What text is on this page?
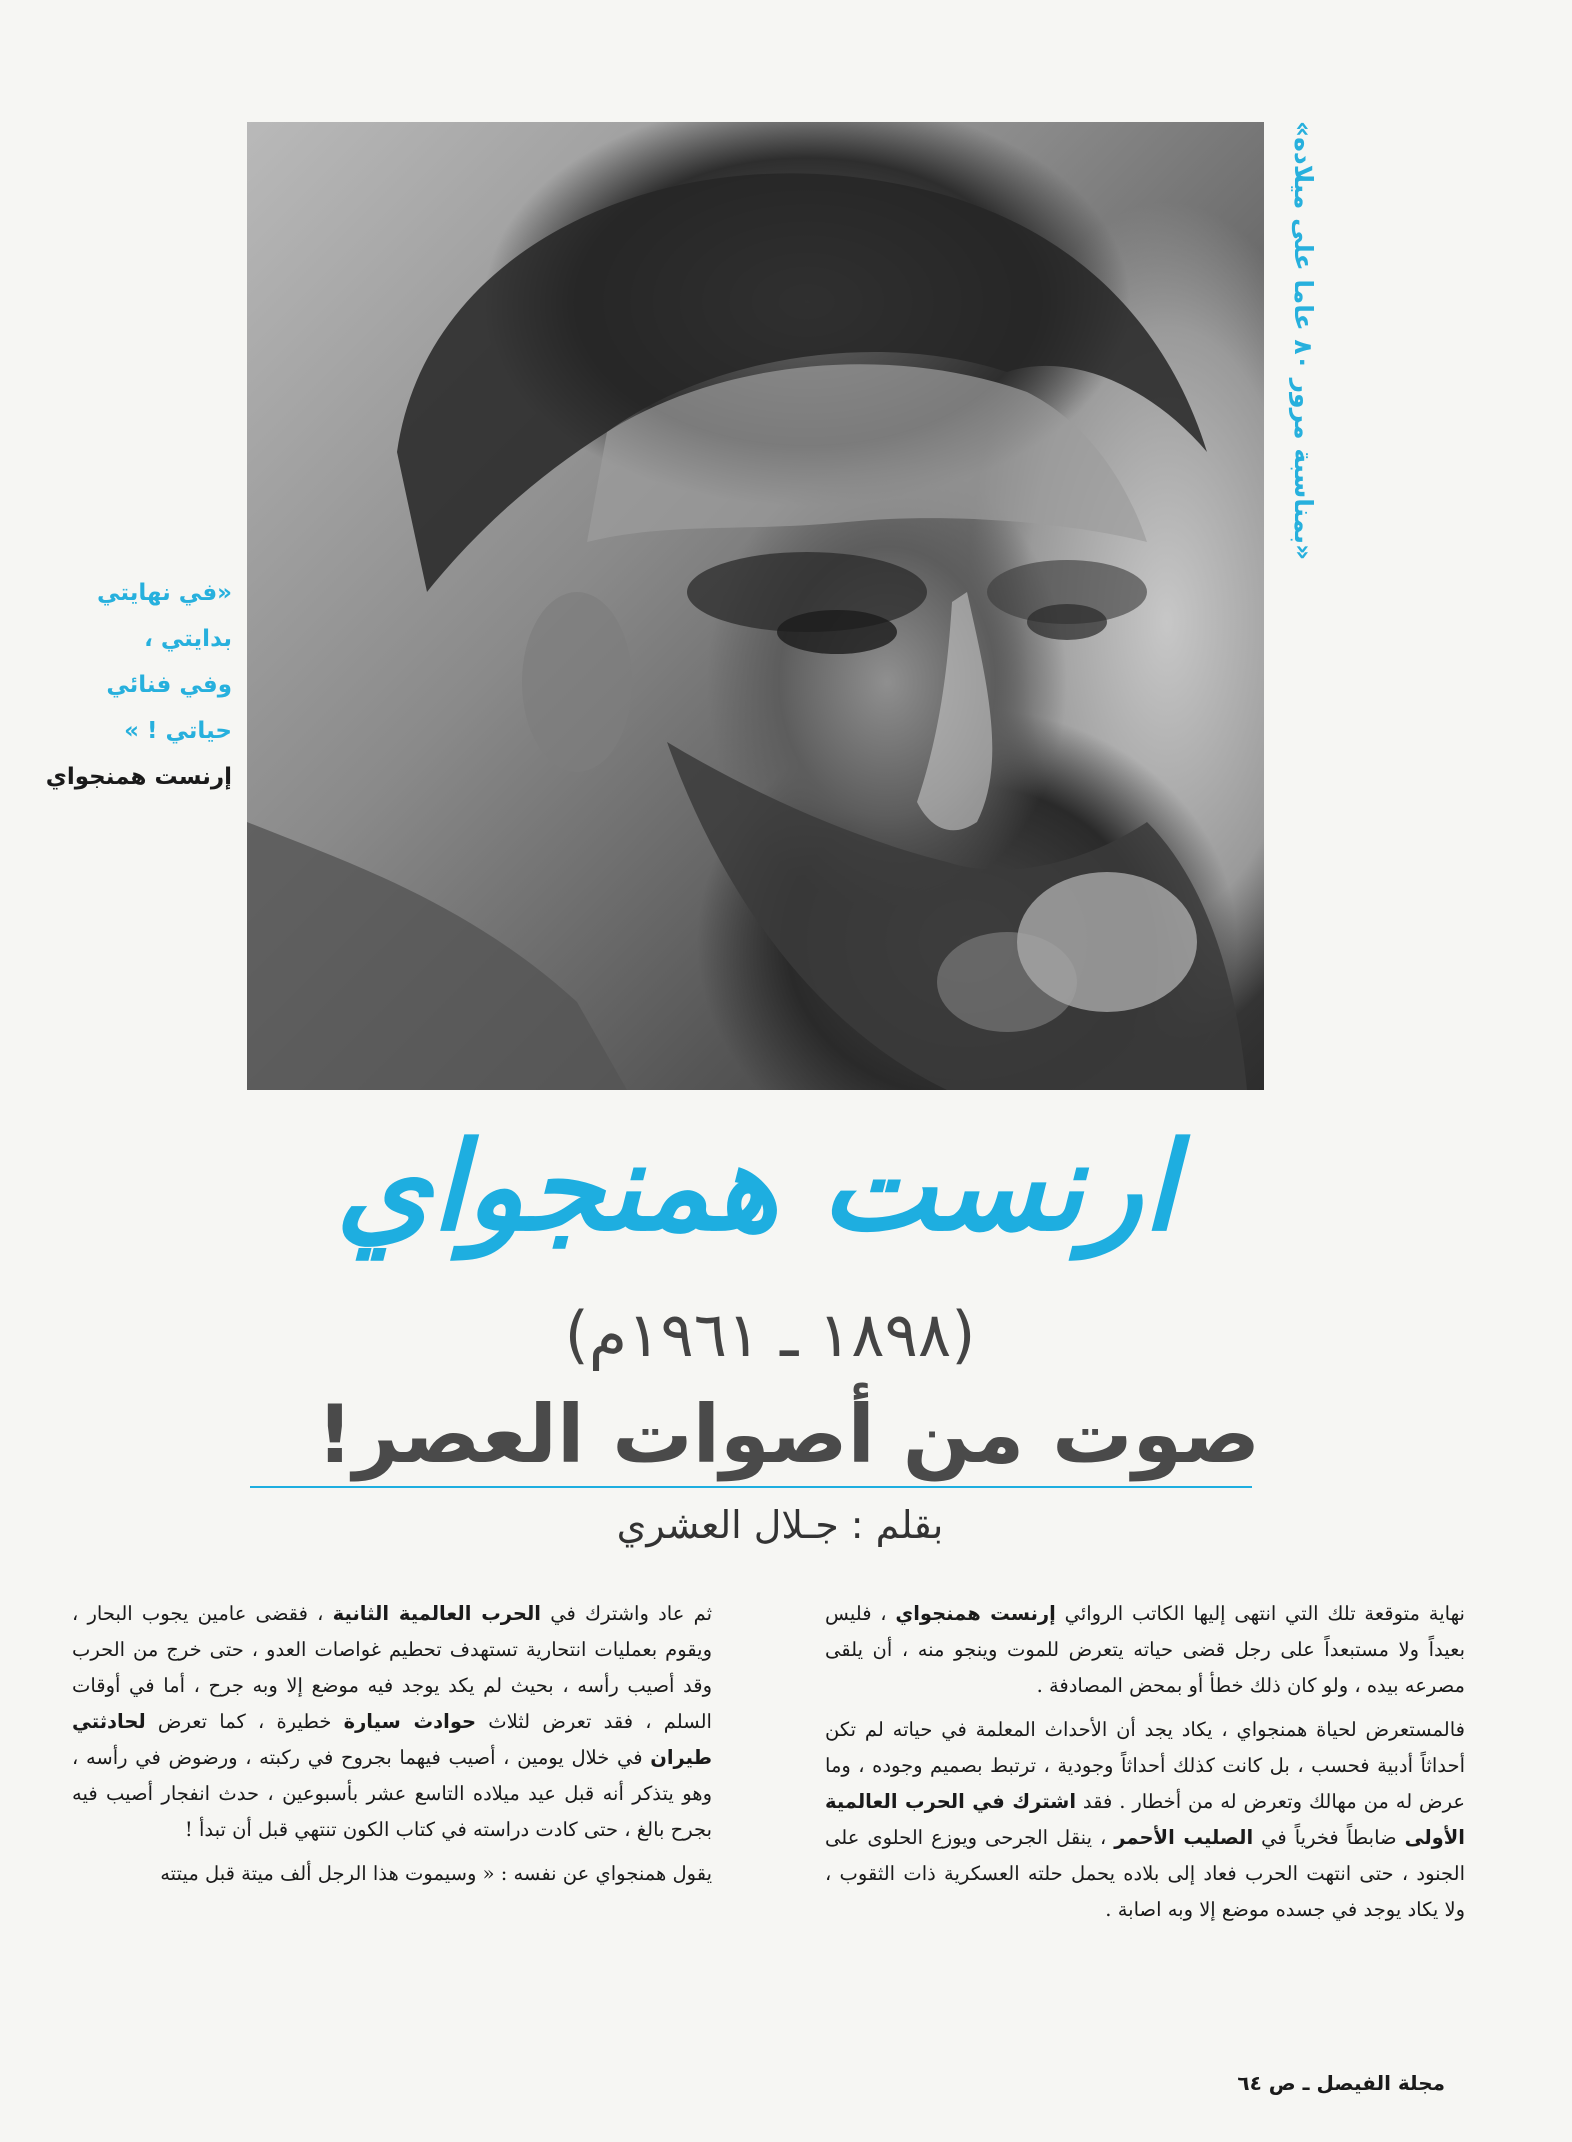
«بمناسبة مرور ٨٠ عاما على ميلاده»
«في نهايتي
بدايتي ،
وفي فنائي
حياتي ! »
إرنست همنجواي
ارنست همنجواي
(١٨٩٨ ـ ١٩٦١م)
صوت من أصوات العصر!
بقلم : جـلال العشري

نهاية متوقعة تلك التي انتهى إليها الكاتب الروائي إرنست همنجواي ، فليس بعيداً ولا مستبعداً على رجل قضى حياته يتعرض للموت وينجو منه ، أن يلقى مصرعه بيده ، ولو كان ذلك خطأ أو بمحض المصادفة .

فالمستعرض لحياة همنجواي ، يكاد يجد أن الأحداث المعلمة في حياته لم تكن أحداثاً أدبية فحسب ، بل كانت كذلك أحداثاً وجودية ، ترتبط بصميم وجوده ، وما عرض له من مهالك وتعرض له من أخطار . فقد اشترك في الحرب العالمية الأولى ضابطاً فخرياً في الصليب الأحمر ، ينقل الجرحى ويوزع الحلوى على الجنود ، حتى انتهت الحرب فعاد إلى بلاده يحمل حلته العسكرية ذات الثقوب ، ولا يكاد يوجد في جسده موضع إلا وبه اصابة .

ثم عاد واشترك في الحرب العالمية الثانية ، فقضى عامين يجوب البحار ، ويقوم بعمليات انتحارية تستهدف تحطيم غواصات العدو ، حتى خرج من الحرب وقد أصيب رأسه ، بحيث لم يكد يوجد فيه موضع إلا وبه جرح ، أما في أوقات السلم ، فقد تعرض لثلاث حوادث سيارة خطيرة ، كما تعرض لحادثتي طيران في خلال يومين ، أصيب فيهما بجروح في ركبته ، ورضوض في رأسه ، وهو يتذكر أنه قبل عيد ميلاده التاسع عشر بأسبوعين ، حدث انفجار أصيب فيه بجرح بالغ ، حتى كادت دراسته في كتاب الكون تنتهي قبل أن تبدأ !

يقول همنجواي عن نفسه : « وسيموت هذا الرجل ألف ميتة قبل ميتته

مجلة الفيصل ـ ص ٦٤
